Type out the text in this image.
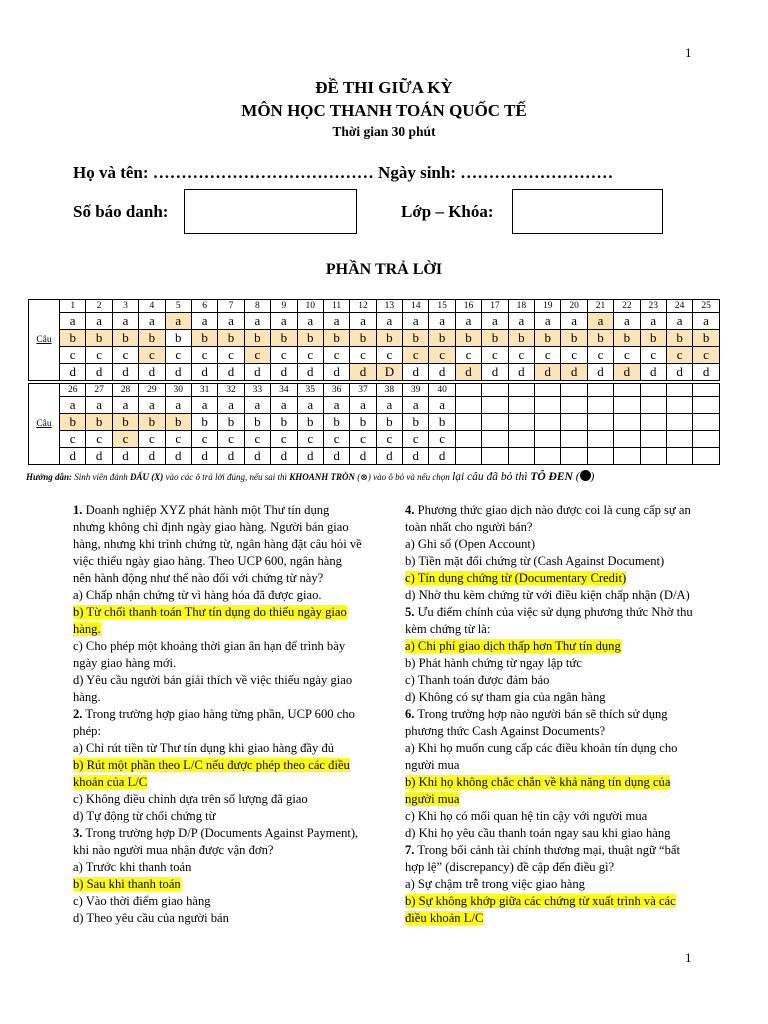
1
ĐỀ THI GIỮA KỲ
MÔN HỌC THANH TOÁN QUỐC TẾ
Thời gian 30 phút
Họ và tên: ………………………………… Ngày sinh: ………………………
Số báo danh:	Lớp – Khóa:
PHẦN TRẢ LỜI
Câu	1	2	3	4	5	6	7	8	9	10	11	12	13	14	15	16	17	18	19	20	21	22	23	24	25
	a	a	a	a	a	a	a	a	a	a	a	a	a	a	a	a	a	a	a	a	a	a	a	a	a
	b	b	b	b	b	b	b	b	b	b	b	b	b	b	b	b	b	b	b	b	b	b	b	b	b
	c	c	c	c	c	c	c	c	c	c	c	c	c	c	c	c	c	c	c	c	c	c	c	c	c
	d	d	d	d	d	d	d	d	d	d	d	d	D	d	d	d	d	d	d	d	d	d	d	d	d
Câu	26	27	28	29	30	31	32	33	34	35	36	37	38	39	40										
	a	a	a	a	a	a	a	a	a	a	a	a	a	a	a										
	b	b	b	b	b	b	b	b	b	b	b	b	b	b	b										
	c	c	c	c	c	c	c	c	c	c	c	c	c	c	c										
	d	d	d	d	d	d	d	d	d	d	d	d	d	d	d										
Hướng dẫn: Sinh viên đánh DẤU (X) vào các ô trả lời đúng, nếu sai thì KHOANH TRÒN (⊗) vào ô bỏ và nếu chọn lại câu đã bỏ thì TÔ ĐEN ( )

1. Doanh nghiệp XYZ phát hành một Thư tín dụng nhưng không chỉ định ngày giao hàng. Người bán giao hàng, nhưng khi trình chứng từ, ngân hàng đặt câu hỏi về việc thiếu ngày giao hàng. Theo UCP 600, ngân hàng nên hành động như thế nào đối với chứng từ này?

a) Chấp nhận chứng từ vì hàng hóa đã được giao.

b) Từ chối thanh toán Thư tín dụng do thiếu ngày giao hàng.

c) Cho phép một khoảng thời gian ân hạn để trình bày ngày giao hàng mới.

d) Yêu cầu người bán giải thích về việc thiếu ngày giao hàng.

2. Trong trường hợp giao hàng từng phần, UCP 600 cho phép:

a) Chỉ rút tiền từ Thư tín dụng khi giao hàng đầy đủ

b) Rút một phần theo L/C nếu được phép theo các điều khoản của L/C

c) Không điều chỉnh dựa trên số lượng đã giao

d) Tự động từ chối chứng từ

3. Trong trường hợp D/P (Documents Against Payment), khi nào người mua nhận được vận đơn?

a) Trước khi thanh toán

b) Sau khi thanh toán

c) Vào thời điểm giao hàng

d) Theo yêu cầu của người bán

4. Phương thức giao dịch nào được coi là cung cấp sự an toàn nhất cho người bán?

a) Ghi sổ (Open Account)

b) Tiền mặt đổi chứng từ (Cash Against Document)

c) Tín dụng chứng từ (Documentary Credit)

d) Nhờ thu kèm chứng từ với điều kiện chấp nhận (D/A)

5. Ưu điểm chính của việc sử dụng phương thức Nhờ thu kèm chứng từ là:

a) Chi phí giao dịch thấp hơn Thư tín dụng

b) Phát hành chứng từ ngay lập tức

c) Thanh toán được đảm bảo

d) Không có sự tham gia của ngân hàng

6. Trong trường hợp nào người bán sẽ thích sử dụng phương thức Cash Against Documents?

a) Khi họ muốn cung cấp các điều khoản tín dụng cho người mua

b) Khi họ không chắc chắn về khả năng tín dụng của người mua

c) Khi họ có mối quan hệ tin cậy với người mua

d) Khi họ yêu cầu thanh toán ngay sau khi giao hàng

7. Trong bối cảnh tài chính thương mại, thuật ngữ “bất hợp lệ” (discrepancy) đề cập đến điều gì?

a) Sự chậm trễ trong việc giao hàng

b) Sự không khớp giữa các chứng từ xuất trình và các điều khoản L/C

1
